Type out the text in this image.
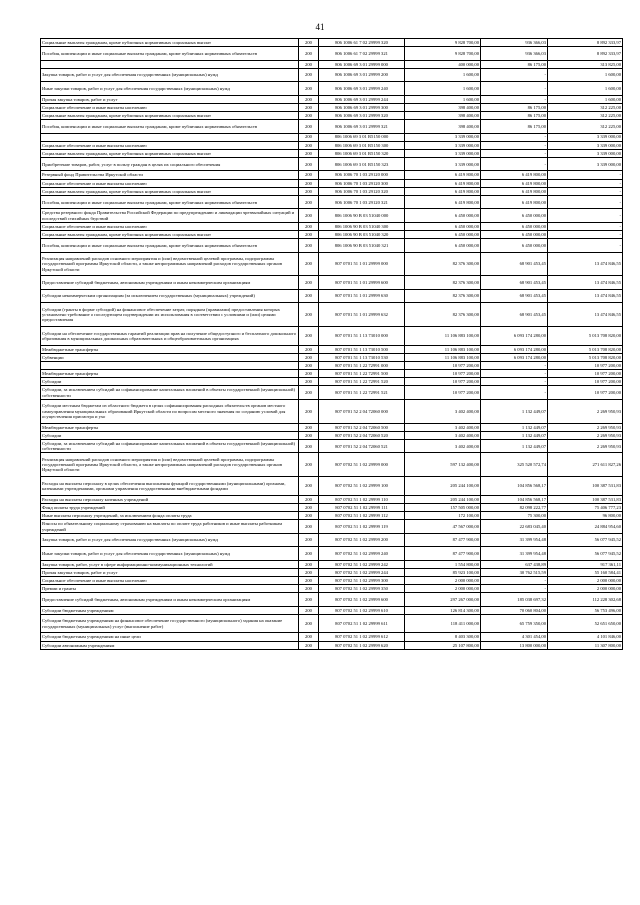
41
Социальные выплаты гражданам, кроме публичных нормативных социальных выплат	200	806 1006 61 7 02 29999 320	9 828 700,00	936 366,03	8 892 333,97
Пособия, компенсации и иные социальные выплаты гражданам, кроме публичных нормативных обязательств	200	806 1006 61 7 02 29999 321	9 828 700,00	936 366,03	8 892 333,97
	200	806 1006 69 3 01 29999 000	400 000,00	86 175,00	313 825,00
Закупка товаров, работ и услуг для обеспечения государственных (муниципальных) нужд	200	806 1006 69 3 01 29999 200	1 600,00	-	1 600,00
Иные закупки товаров, работ и услуг для обеспечения государственных (муниципальных) нужд	200	806 1006 69 3 01 29999 240	1 600,00	-	1 600,00
Прочая закупка товаров, работ и услуг	200	806 1006 69 3 01 29999 244	1 600,00	-	1 600,00
Социальное обеспечение и иные выплаты населению	200	806 1006 69 3 01 29999 300	398 400,00	86 175,00	312 225,00
Социальные выплаты гражданам, кроме публичных нормативных социальных выплат	200	806 1006 69 3 01 29999 320	398 400,00	86 175,00	312 225,00
Пособия, компенсации и иные социальные выплаты гражданам, кроме публичных нормативных обязательств	200	806 1006 69 3 01 29999 321	398 400,00	86 175,00	312 225,00
	200	806 1006 69 3 01 R5150 000	3 339 000,00	-	3 339 000,00
Социальное обеспечение и иные выплаты населению	200	806 1006 69 3 01 R5150 300	3 339 000,00	-	3 339 000,00
Социальные выплаты гражданам, кроме публичных нормативных социальных выплат	200	806 1006 69 3 01 R5150 320	3 339 000,00	-	3 339 000,00
Приобретение товаров, работ, услуг в пользу граждан в целях их социального обеспечения	200	806 1006 69 3 01 R5150 323	3 339 000,00	-	3 339 000,00
Резервный фонд Правительства Иркутской области	200	806 1006 70 1 03 29120 000	6 419 800,00	6 419 800,00	-
Социальное обеспечение и иные выплаты населению	200	806 1006 70 1 03 29120 300	6 419 800,00	6 419 800,00	-
Социальные выплаты гражданам, кроме публичных нормативных социальных выплат	200	806 1006 70 1 03 29120 320	6 419 800,00	6 419 800,00	-
Пособия, компенсации и иные социальные выплаты гражданам, кроме публичных нормативных обязательств	200	806 1006 70 1 03 29120 321	6 419 800,00	6 419 800,00	-
Средства резервного фонда Правительства Российской Федерации по предупреждению и ликвидации чрезвычайных ситуаций и последствий стихийных бедствий	200	806 1006 90 В 03 51040 000	6 450 000,00	6 450 000,00	-
Социальное обеспечение и иные выплаты населению	200	806 1006 90 В 03 51040 300	6 450 000,00	6 450 000,00	-
Социальные выплаты гражданам, кроме публичных нормативных социальных выплат	200	806 1006 90 В 03 51040 320	6 450 000,00	6 450 000,00	-
Пособия, компенсации и иные социальные выплаты гражданам, кроме публичных нормативных обязательств	200	806 1006 90 В 03 51040 321	6 450 000,00	6 450 000,00	-
Реализация направлений расходов основного мероприятия и (или) ведомственной целевой программы, подпрограммы государственной программы Иркутской области, а также непрограммных направлений расходов государственных органов Иркутской области	200	807 0701 51 1 01 29999 000	82 376 300,00	68 901 453,45	13 474 846,55
Предоставление субсидий бюджетным, автономным учреждениям и иным некоммерческим организациям	200	807 0701 51 1 01 29999 600	82 376 300,00	68 901 453,45	13 474 846,55
Субсидии некоммерческим организациям (за исключением государственных (муниципальных) учреждений)	200	807 0701 51 1 01 29999 630	82 376 300,00	68 901 453,45	13 474 846,55
Субсидии (гранты в форме субсидий) на финансовое обеспечение затрат, порядком (правилами) предоставления которых установлено требование о последующем подтверждении их использования в соответствии с условиями и (или) целями предоставления	200	807 0701 51 1 01 29999 632	82 376 300,00	68 901 453,45	13 474 846,55
Субсидии на обеспечение государственных гарантий реализации прав на получение общедоступного и бесплатного дошкольного образования в муниципальных дошкольных образовательных и общеобразовательных организациях	200	807 0701 51 1 13 73010 000	11 106 883 100,00	6 093 174 280,00	5 013 708 820,00
Межбюджетные трансферты	200	807 0701 51 1 13 73010 500	11 106 883 100,00	6 093 174 280,00	5 013 708 820,00
Субвенции	200	807 0701 51 1 13 73010 530	11 106 883 100,00	6 093 174 280,00	5 013 708 820,00
	200	807 0701 51 1 22 72991 000	10 977 200,00	-	10 977 200,00
Межбюджетные трансферты	200	807 0701 51 1 22 72991 500	10 977 200,00	-	10 977 200,00
Субсидии	200	807 0701 51 1 22 72991 520	10 977 200,00	-	10 977 200,00
Субсидии, за исключением субсидий на софинансирование капитальных вложений в объекты государственной (муниципальной) собственности	200	807 0701 51 1 22 72991 521	10 977 200,00	-	10 977 200,00
Субсидии местным бюджетам из областного бюджета в целях софинансирования расходных обязательств органов местного самоуправления муниципальных образований Иркутской области по вопросам местного значения по созданию условий для осуществления присмотра и ухо	200	807 0701 52 2 04 72060 000	3 402 400,00	1 132 449,07	2 269 950,93
Межбюджетные трансферты	200	807 0701 52 2 04 72060 500	3 402 400,00	1 132 449,07	2 269 950,93
Субсидии	200	807 0701 52 2 04 72060 520	3 402 400,00	1 132 449,07	2 269 950,93
Субсидии, за исключением субсидий на софинансирование капитальных вложений в объекты государственной (муниципальной) собственности	200	807 0701 52 2 04 72060 521	3 402 400,00	1 132 449,07	2 269 950,93
Реализация направлений расходов основного мероприятия и (или) ведомственной целевой программы, подпрограммы государственной программы Иркутской области, а также непрограммных направлений расходов государственных органов Иркутской области	200	807 0702 51 1 02 29999 000	597 132 400,00	325 520 572,74	271 611 827,26
Расходы на выплаты персоналу в целях обеспечения выполнения функций государственными (муниципальными) органами, казенными учреждениями, органами управления государственными внебюджетными фондами	200	807 0702 51 1 02 29999 100	205 244 100,00	104 856 568,17	100 387 531,83
Расходы на выплаты персоналу казенных учреждений	200	807 0702 51 1 02 29999 110	205 244 100,00	104 856 568,17	100 387 531,83
Фонд оплаты труда учреждений	200	807 0702 51 1 02 29999 111	157 505 000,00	82 098 222,77	75 406 777,23
Иные выплаты персоналу учреждений, за исключением фонда оплаты труда	200	807 0702 51 1 02 29999 112	172 100,00	75 300,00	96 800,00
Взносы по обязательному социальному страхованию на выплаты по оплате труда работников и иные выплаты работникам учреждений	200	807 0702 51 1 02 29999 119	47 567 000,00	22 683 045,40	24 884 954,60
Закупка товаров, работ и услуг для обеспечения государственных (муниципальных) нужд	200	807 0702 51 1 02 29999 200	87 477 900,00	31 399 954,48	56 077 945,52
Иные закупки товаров, работ и услуг для обеспечения государственных (муниципальных) нужд	200	807 0702 51 1 02 29999 240	87 477 900,00	31 399 954,48	56 077 945,52
Закупка товаров, работ, услуг в сфере информационно-коммуникационных технологий	200	807 0702 51 1 02 29999 242	1 554 800,00	637 438,89	917 361,11
Прочая закупка товаров, работ и услуг	200	807 0702 51 1 02 29999 244	85 923 100,00	30 762 515,59	55 160 584,41
Социальное обеспечение и иные выплаты населению	200	807 0702 51 1 02 29999 300	2 000 000,00	-	2 000 000,00
Премии и гранты	200	807 0702 51 1 02 29999 350	2 000 000,00	-	2 000 000,00
Предоставление субсидий бюджетным, автономным учреждениям и иным некоммерческим организациям	200	807 0702 51 1 02 29999 600	297 267 000,00	185 038 697,32	112 228 302,68
Субсидии бюджетным учреждениям	200	807 0702 51 1 02 29999 610	126 814 300,00	70 060 804,00	56 753 496,00
Субсидии бюджетным учреждениям на финансовое обеспечение государственного (муниципального) задания на оказание государственных (муниципальных) услуг (выполнение работ)	200	807 0702 51 1 02 29999 611	118 411 000,00	65 759 350,00	52 651 650,00
Субсидии бюджетным учреждениям на иные цели	200	807 0702 51 1 02 29999 612	8 403 300,00	4 301 454,00	4 101 846,00
Субсидии автономным учреждениям	200	807 0702 51 1 02 29999 620	25 107 800,00	13 800 000,00	11 307 800,00
